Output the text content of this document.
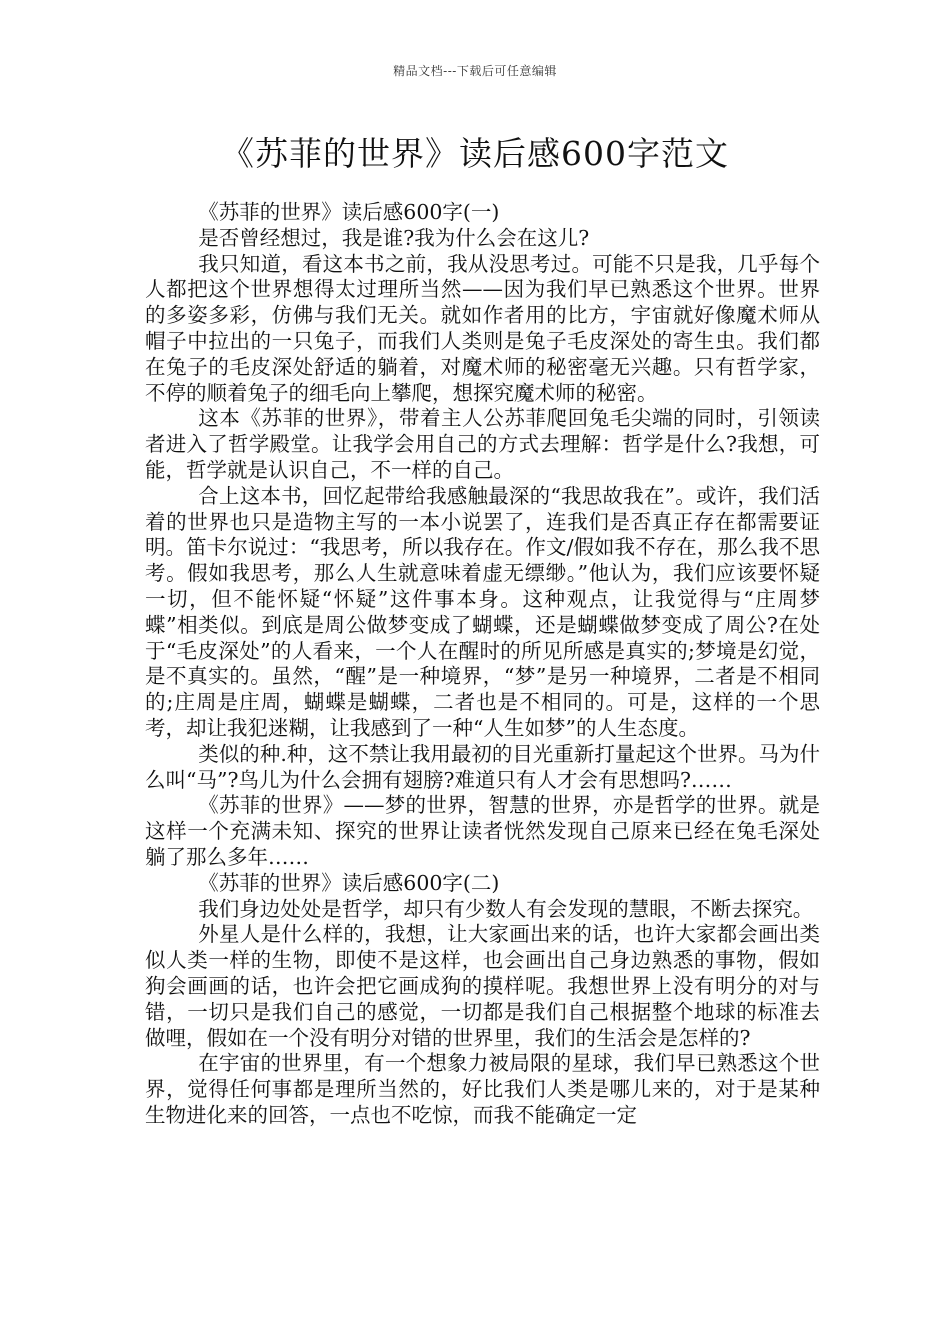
精品文档---下载后可任意编辑
《苏菲的世界》读后感600字范文

《苏菲的世界》读后感600字(一)

是否曾经想过，我是谁?我为什么会在这儿?

我只知道，看这本书之前，我从没思考过。可能不只是我，几乎每个人都把这个世界想得太过理所当然——因为我们早已熟悉这个世界。世界的多姿多彩，仿佛与我们无关。就如作者用的比方，宇宙就好像魔术师从帽子中拉出的一只兔子，而我们人类则是兔子毛皮深处的寄生虫。我们都在兔子的毛皮深处舒适的躺着，对魔术师的秘密毫无兴趣。只有哲学家，不停的顺着兔子的细毛向上攀爬，想探究魔术师的秘密。

这本《苏菲的世界》，带着主人公苏菲爬回兔毛尖端的同时，引领读者进入了哲学殿堂。让我学会用自己的方式去理解：哲学是什么?我想，可能，哲学就是认识自己，不一样的自己。

合上这本书，回忆起带给我感触最深的“我思故我在”。或许，我们活着的世界也只是造物主写的一本小说罢了，连我们是否真正存在都需要证明。笛卡尔说过：“我思考，所以我存在。作文/假如我不存在，那么我不思考。假如我思考，那么人生就意味着虚无缥缈。”他认为，我们应该要怀疑一切，但不能怀疑“怀疑”这件事本身。这种观点，让我觉得与“庄周梦蝶”相类似。到底是周公做梦变成了蝴蝶，还是蝴蝶做梦变成了周公?在处于“毛皮深处”的人看来，一个人在醒时的所见所感是真实的;梦境是幻觉，是不真实的。虽然，“醒”是一种境界，“梦”是另一种境界，二者是不相同的;庄周是庄周，蝴蝶是蝴蝶，二者也是不相同的。可是，这样的一个思考，却让我犯迷糊，让我感到了一种“人生如梦”的人生态度。

类似的种.种，这不禁让我用最初的目光重新打量起这个世界。马为什么叫“马”?鸟儿为什么会拥有翅膀?难道只有人才会有思想吗?……

《苏菲的世界》——梦的世界，智慧的世界，亦是哲学的世界。就是这样一个充满未知、探究的世界让读者恍然发现自己原来已经在兔毛深处躺了那么多年……

《苏菲的世界》读后感600字(二)

我们身边处处是哲学，却只有少数人有会发现的慧眼，不断去探究。

外星人是什么样的，我想，让大家画出来的话，也许大家都会画出类似人类一样的生物，即使不是这样，也会画出自己身边熟悉的事物，假如狗会画画的话，也许会把它画成狗的摸样呢。我想世界上没有明分的对与错，一切只是我们自己的感觉，一切都是我们自己根据整个地球的标准去做哩，假如在一个没有明分对错的世界里，我们的生活会是怎样的?

在宇宙的世界里，有一个想象力被局限的星球，我们早已熟悉这个世界，觉得任何事都是理所当然的，好比我们人类是哪儿来的，对于是某种生物进化来的回答，一点也不吃惊，而我不能确定一定
